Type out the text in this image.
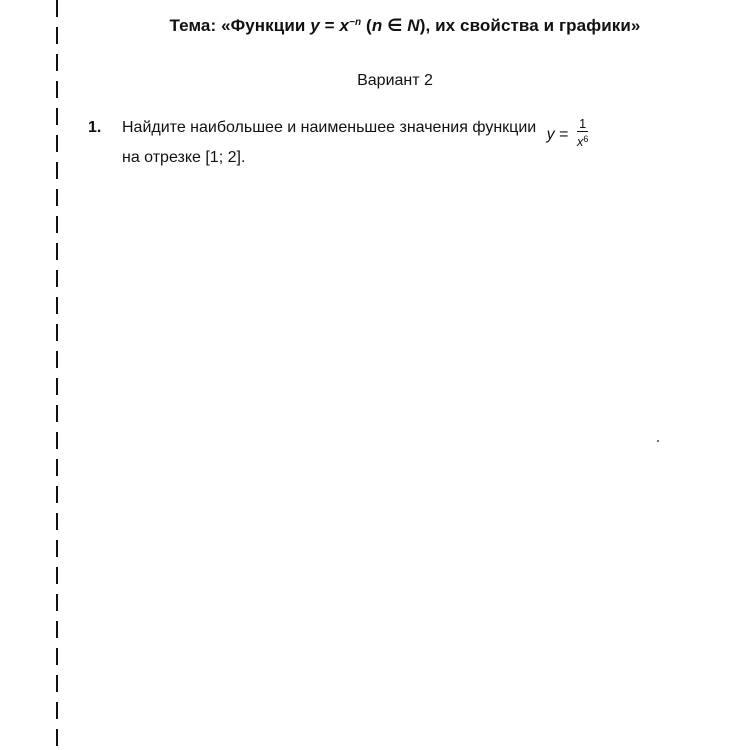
Тема: «Функции $y = x^{-n}$ (n ∈ N), их свойства и графики»
Вариант 2
1. Найдите наибольшее и наименьшее значения функции $y = \frac{1}{x^6}$
на отрезке [1; 2].
